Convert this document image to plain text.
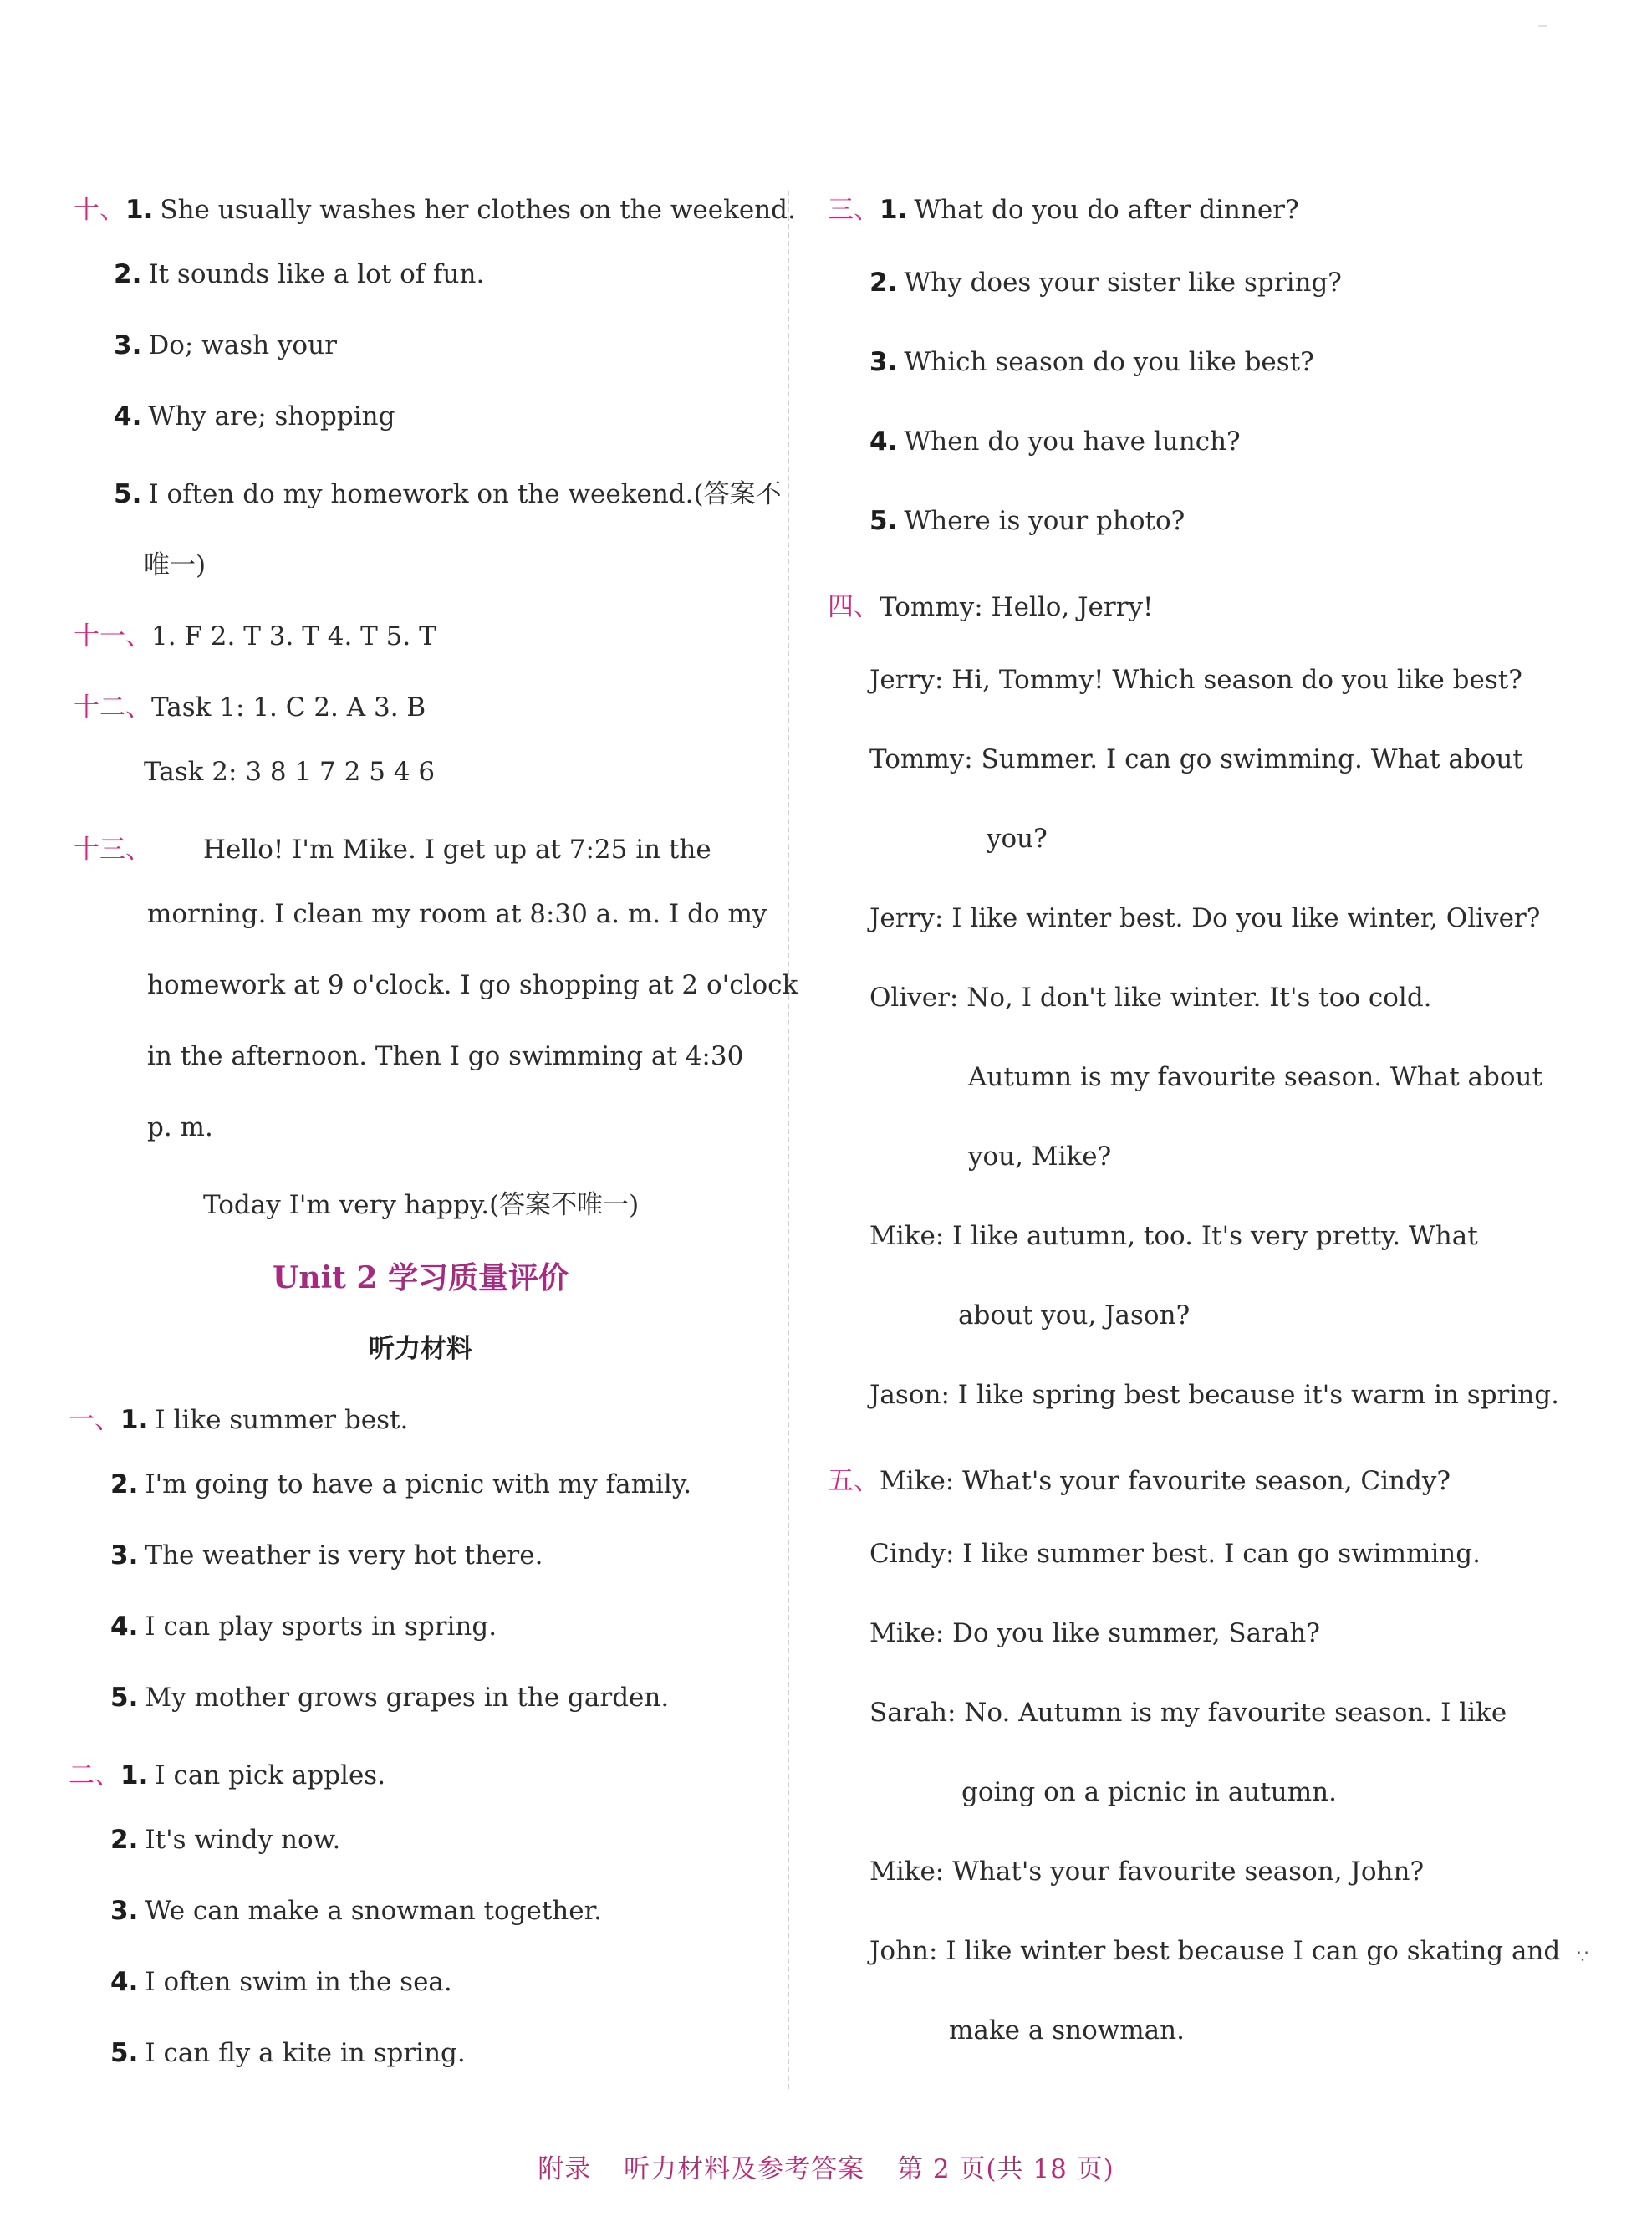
十、1. She usually washes her clothes on the weekend.
2. It sounds like a lot of fun.
3. Do; wash your
4. Why are; shopping
5. I often do my homework on the weekend.(答案不
唯一)
十一、1. F 2. T 3. T 4. T 5. T
十二、Task 1: 1. C 2. A 3. B
Task 2: 3 8 1 7 2 5 4 6
十三、 Hello! I'm Mike. I get up at 7:25 in the
morning. I clean my room at 8:30 a. m. I do my
homework at 9 o'clock. I go shopping at 2 o'clock
in the afternoon. Then I go swimming at 4:30
p. m.
Today I'm very happy.(答案不唯一)
Unit 2 学习质量评价
听力材料
一、1. I like summer best.
2. I'm going to have a picnic with my family.
3. The weather is very hot there.
4. I can play sports in spring.
5. My mother grows grapes in the garden.
二、1. I can pick apples.
2. It's windy now.
3. We can make a snowman together.
4. I often swim in the sea.
5. I can fly a kite in spring.
三、1. What do you do after dinner?
2. Why does your sister like spring?
3. Which season do you like best?
4. When do you have lunch?
5. Where is your photo?
四、Tommy: Hello, Jerry!
Jerry: Hi, Tommy! Which season do you like best?
Tommy: Summer. I can go swimming. What about
you?
Jerry: I like winter best. Do you like winter, Oliver?
Oliver: No, I don't like winter. It's too cold.
Autumn is my favourite season. What about
you, Mike?
Mike: I like autumn, too. It's very pretty. What
about you, Jason?
Jason: I like spring best because it's warm in spring.
五、Mike: What's your favourite season, Cindy?
Cindy: I like summer best. I can go swimming.
Mike: Do you like summer, Sarah?
Sarah: No. Autumn is my favourite season. I like
going on a picnic in autumn.
Mike: What's your favourite season, John?
John: I like winter best because I can go skating and
make a snowman.
∵
附录 听力材料及参考答案 第 2 页(共 18 页)
